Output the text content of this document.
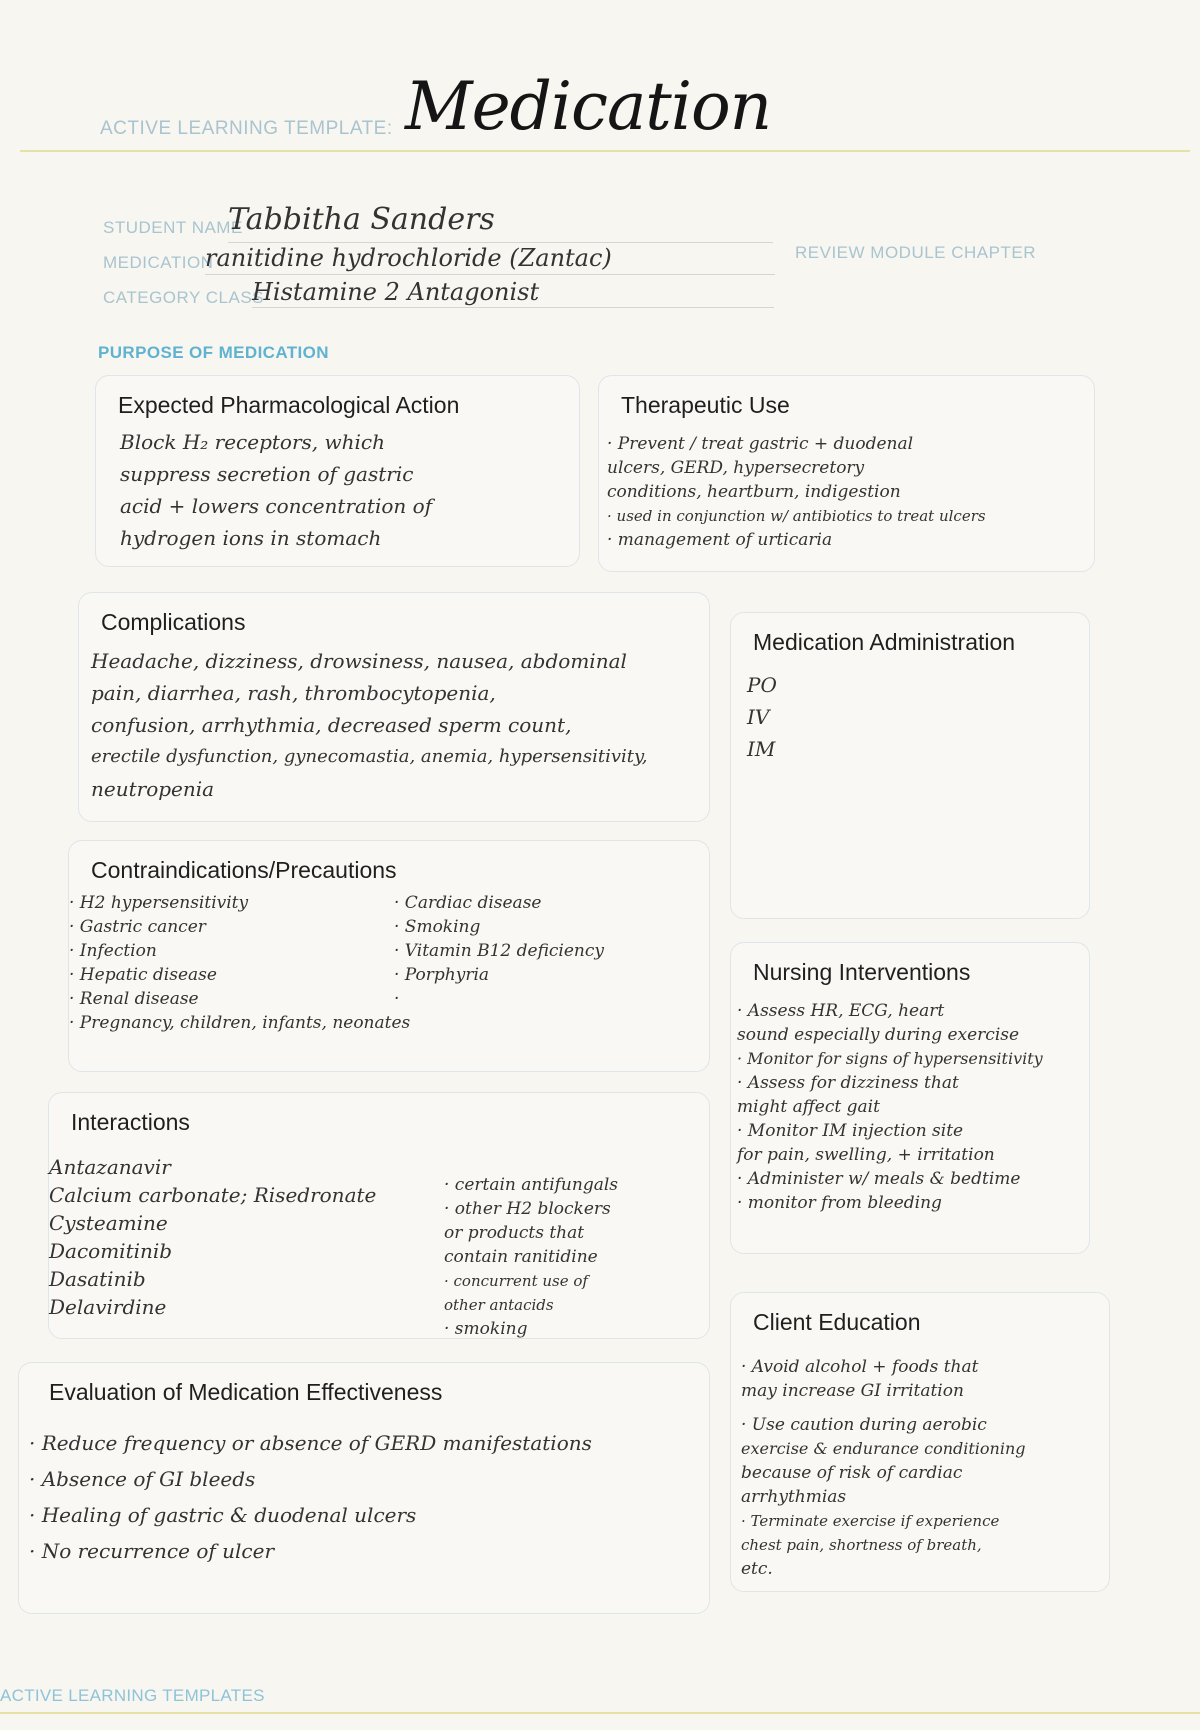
ACTIVE LEARNING TEMPLATE: Medication
STUDENT NAME
Tabbitha Sanders
MEDICATION
ranitidine hydrochloride (Zantac)	REVIEW MODULE CHAPTER
CATEGORY CLASS
Histamine 2 Antagonist
PURPOSE OF MEDICATION
Expected Pharmacological Action
Block H₂ receptors, which
suppress secretion of gastric
acid + lowers concentration of
hydrogen ions in stomach
Therapeutic Use
· Prevent / treat gastric + duodenal
ulcers, GERD, hypersecretory
conditions, heartburn, indigestion
· used in conjunction w/ antibiotics to treat ulcers
· management of urticaria
Complications
Headache, dizziness, drowsiness, nausea, abdominal
pain, diarrhea, rash, thrombocytopenia,
confusion, arrhythmia, decreased sperm count,
erectile dysfunction, gynecomastia, anemia, hypersensitivity,
neutropenia
Medication Administration
PO
IV
IM
Contraindications/Precautions
· H2 hypersensitivity
· Gastric cancer
· Infection
· Hepatic disease
· Renal disease
· Pregnancy, children, infants, neonates
· Cardiac disease
· Smoking
· Vitamin B12 deficiency
· Porphyria
·
Nursing Interventions
· Assess HR, ECG, heart
sound especially during exercise
· Monitor for signs of hypersensitivity
· Assess for dizziness that
might affect gait
· Monitor IM injection site
for pain, swelling, + irritation
· Administer w/ meals & bedtime
· monitor from bleeding
Interactions
Antazanavir
Calcium carbonate; Risedronate
Cysteamine
Dacomitinib
Dasatinib
Delavirdine
· certain antifungals
· other H2 blockers
or products that
contain ranitidine
· concurrent use of
other antacids
· smoking	Client Education
· Avoid alcohol + foods that
may increase GI irritation
· Use caution during aerobic
exercise & endurance conditioning
because of risk of cardiac
arrhythmias
· Terminate exercise if experience
chest pain, shortness of breath,
etc.
Evaluation of Medication Effectiveness
· Reduce frequency or absence of GERD manifestations
· Absence of GI bleeds
· Healing of gastric & duodenal ulcers
· No recurrence of ulcer
ACTIVE LEARNING TEMPLATES
